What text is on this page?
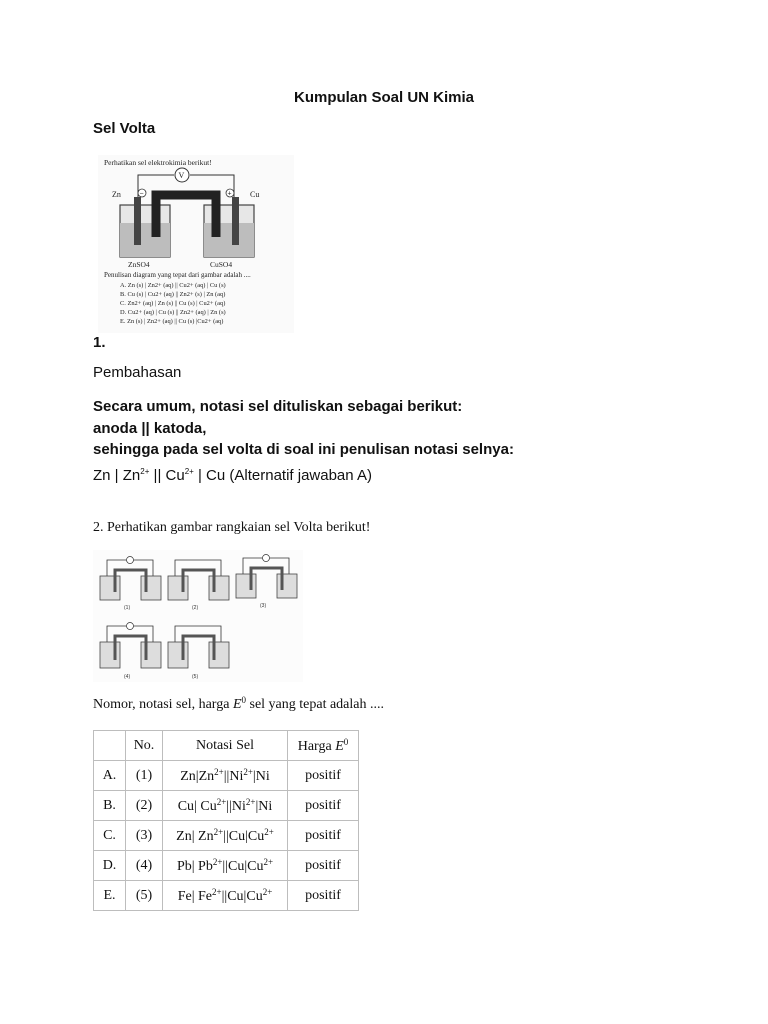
Kumpulan Soal UN Kimia
Sel Volta
Perhatikan sel elektrokimia berikut!
V
−	+
Zn	Cu
ZnSO4	CuSO4
Penulisan diagram yang tepat dari gambar adalah ....
A. Zn (s) | Zn2+ (aq) || Cu2+ (aq) | Cu (s)
B. Cu (s) | Cu2+ (aq) || Zn2+ (s) | Zn (aq)
C. Zn2+ (aq) | Zn (s) || Cu (s) | Cu2+ (aq)
D. Cu2+ (aq) | Cu (s) || Zn2+ (aq) | Zn (s)
E. Zn (s) | Zn2+ (aq) || Cu (s) |Cu2+ (aq)
1.
Pembahasan
Secara umum, notasi sel dituliskan sebagai berikut:
anoda || katoda,
sehingga pada sel volta di soal ini penulisan notasi selnya:
Zn | $Zn^{2+}$ || $Cu^{2+}$ | Cu (Alternatif jawaban A)
2. Perhatikan gambar rangkaian sel Volta berikut!
(1)	(2)	(3)
(4)	(5)
Nomor, notasi sel, harga $E^0$ sel yang tepat adalah ....
	No.	Notasi Sel	Harga $E^0$
A.	(1)	$Zn|Zn^{2+}||Ni^{2+}|Ni$	positif
B.	(2)	Cu| $Cu^{2+}||Ni^{2+}|Ni$	positif
C.	(3)	Zn| $Zn^{2+}||Cu|Cu^{2+}$	positif
D.	(4)	Pb| $Pb^{2+}||Cu|Cu^{2+}$	positif
E.	(5)	Fe| $Fe^{2+}||Cu|Cu^{2+}$	positif
